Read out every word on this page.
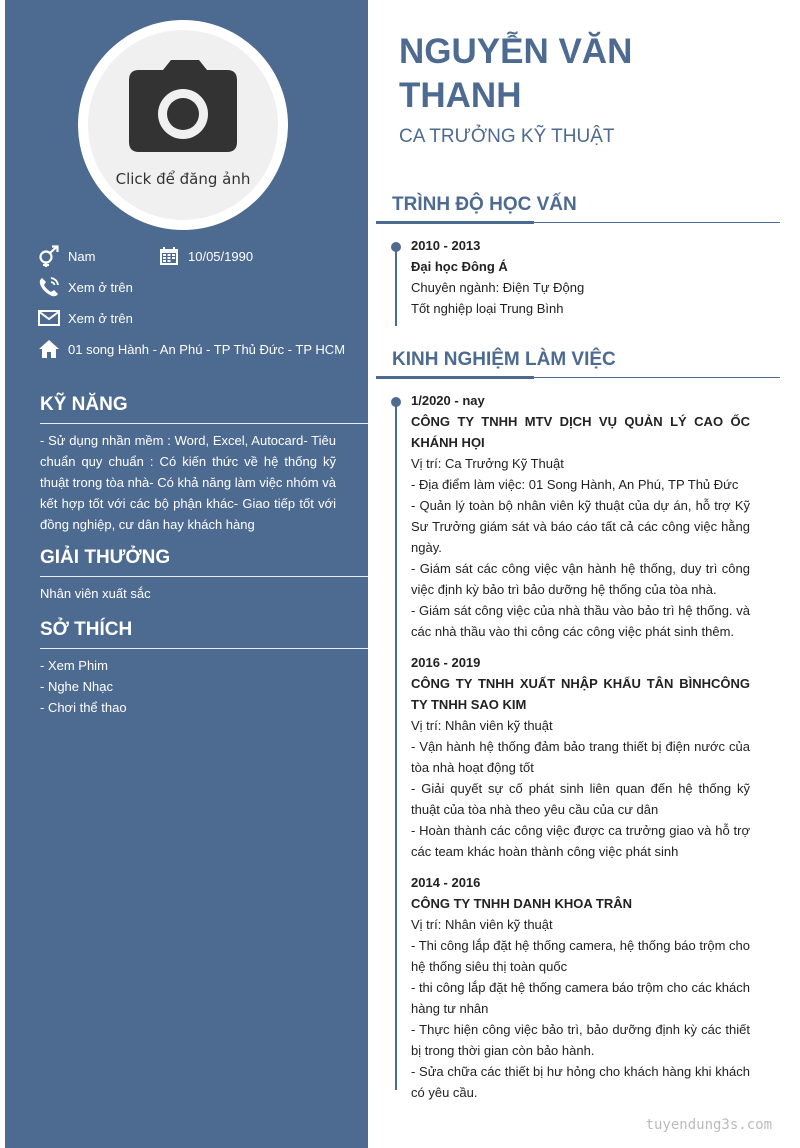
Click để đăng ảnh
Nam	10/05/1990
Xem ở trên
Xem ở trên
01 song Hành - An Phú - TP Thủ Đức - TP HCM
KỸ NĂNG
- Sử dụng nhần mềm : Word, Excel, Autocard- Tiêu chuẩn quy chuẩn : Có kiến thức về hệ thống kỹ thuật trong tòa nhà- Có khả năng làm việc nhóm và kết hợp tốt với các bộ phận khác- Giao tiếp tốt với đồng nghiệp, cư dân hay khách hàng
GIẢI THƯỞNG
Nhân viên xuất sắc
SỞ THÍCH
- Xem Phim
- Nghe Nhạc
- Chơi thể thao
NGUYỄN VĂN THANH
CA TRƯỞNG KỸ THUẬT
TRÌNH ĐỘ HỌC VẤN
2010 - 2013
Đại học Đông Á
Chuyên ngành: Điện Tự Động
Tốt nghiệp loại Trung Bình
KINH NGHIỆM LÀM VIỆC
1/2020 - nay
CÔNG TY TNHH MTV DỊCH VỤ QUẢN LÝ CAO ỐC KHÁNH HỌI
Vị trí: Ca Trưởng Kỹ Thuật
- Địa điểm làm việc: 01 Song Hành, An Phú, TP Thủ Đức
- Quản lý toàn bộ nhân viên kỹ thuật của dự án, hỗ trợ Kỹ Sư Trưởng giám sát và báo cáo tất cả các công việc hằng ngày.
- Giám sát các công việc vận hành hệ thống, duy trì công việc định kỳ bảo trì bảo dưỡng hệ thống của tòa nhà.
- Giám sát công việc của nhà thầu vào bảo trì hệ thống. và các nhà thầu vào thi công các công việc phát sinh thêm.
2016 - 2019
CÔNG TY TNHH XUẤT NHẬP KHẨU TÂN BÌNHCÔNG TY TNHH SAO KIM
Vị trí: Nhân viên kỹ thuật
- Vận hành hệ thống đảm bảo trang thiết bị điện nước của tòa nhà hoạt động tốt
- Giải quyết sự cố phát sinh liên quan đến hệ thống kỹ thuật của tòa nhà theo yêu cầu của cư dân
- Hoàn thành các công việc được ca trưởng giao và hỗ trợ các team khác hoàn thành công việc phát sinh
2014 - 2016
CÔNG TY TNHH DANH KHOA TRÂN
Vị trí: Nhân viên kỹ thuật
- Thi công lắp đặt hệ thống camera, hệ thống báo trộm cho hệ thống siêu thị toàn quốc
- thi công lắp đặt hệ thống camera báo trộm cho các khách hàng tư nhân
- Thực hiện công việc bảo trì, bảo dưỡng định kỳ các thiết bị trong thời gian còn bảo hành.
- Sửa chữa các thiết bị hư hỏng cho khách hàng khi khách có yêu cầu.
tuyendung3s.com
